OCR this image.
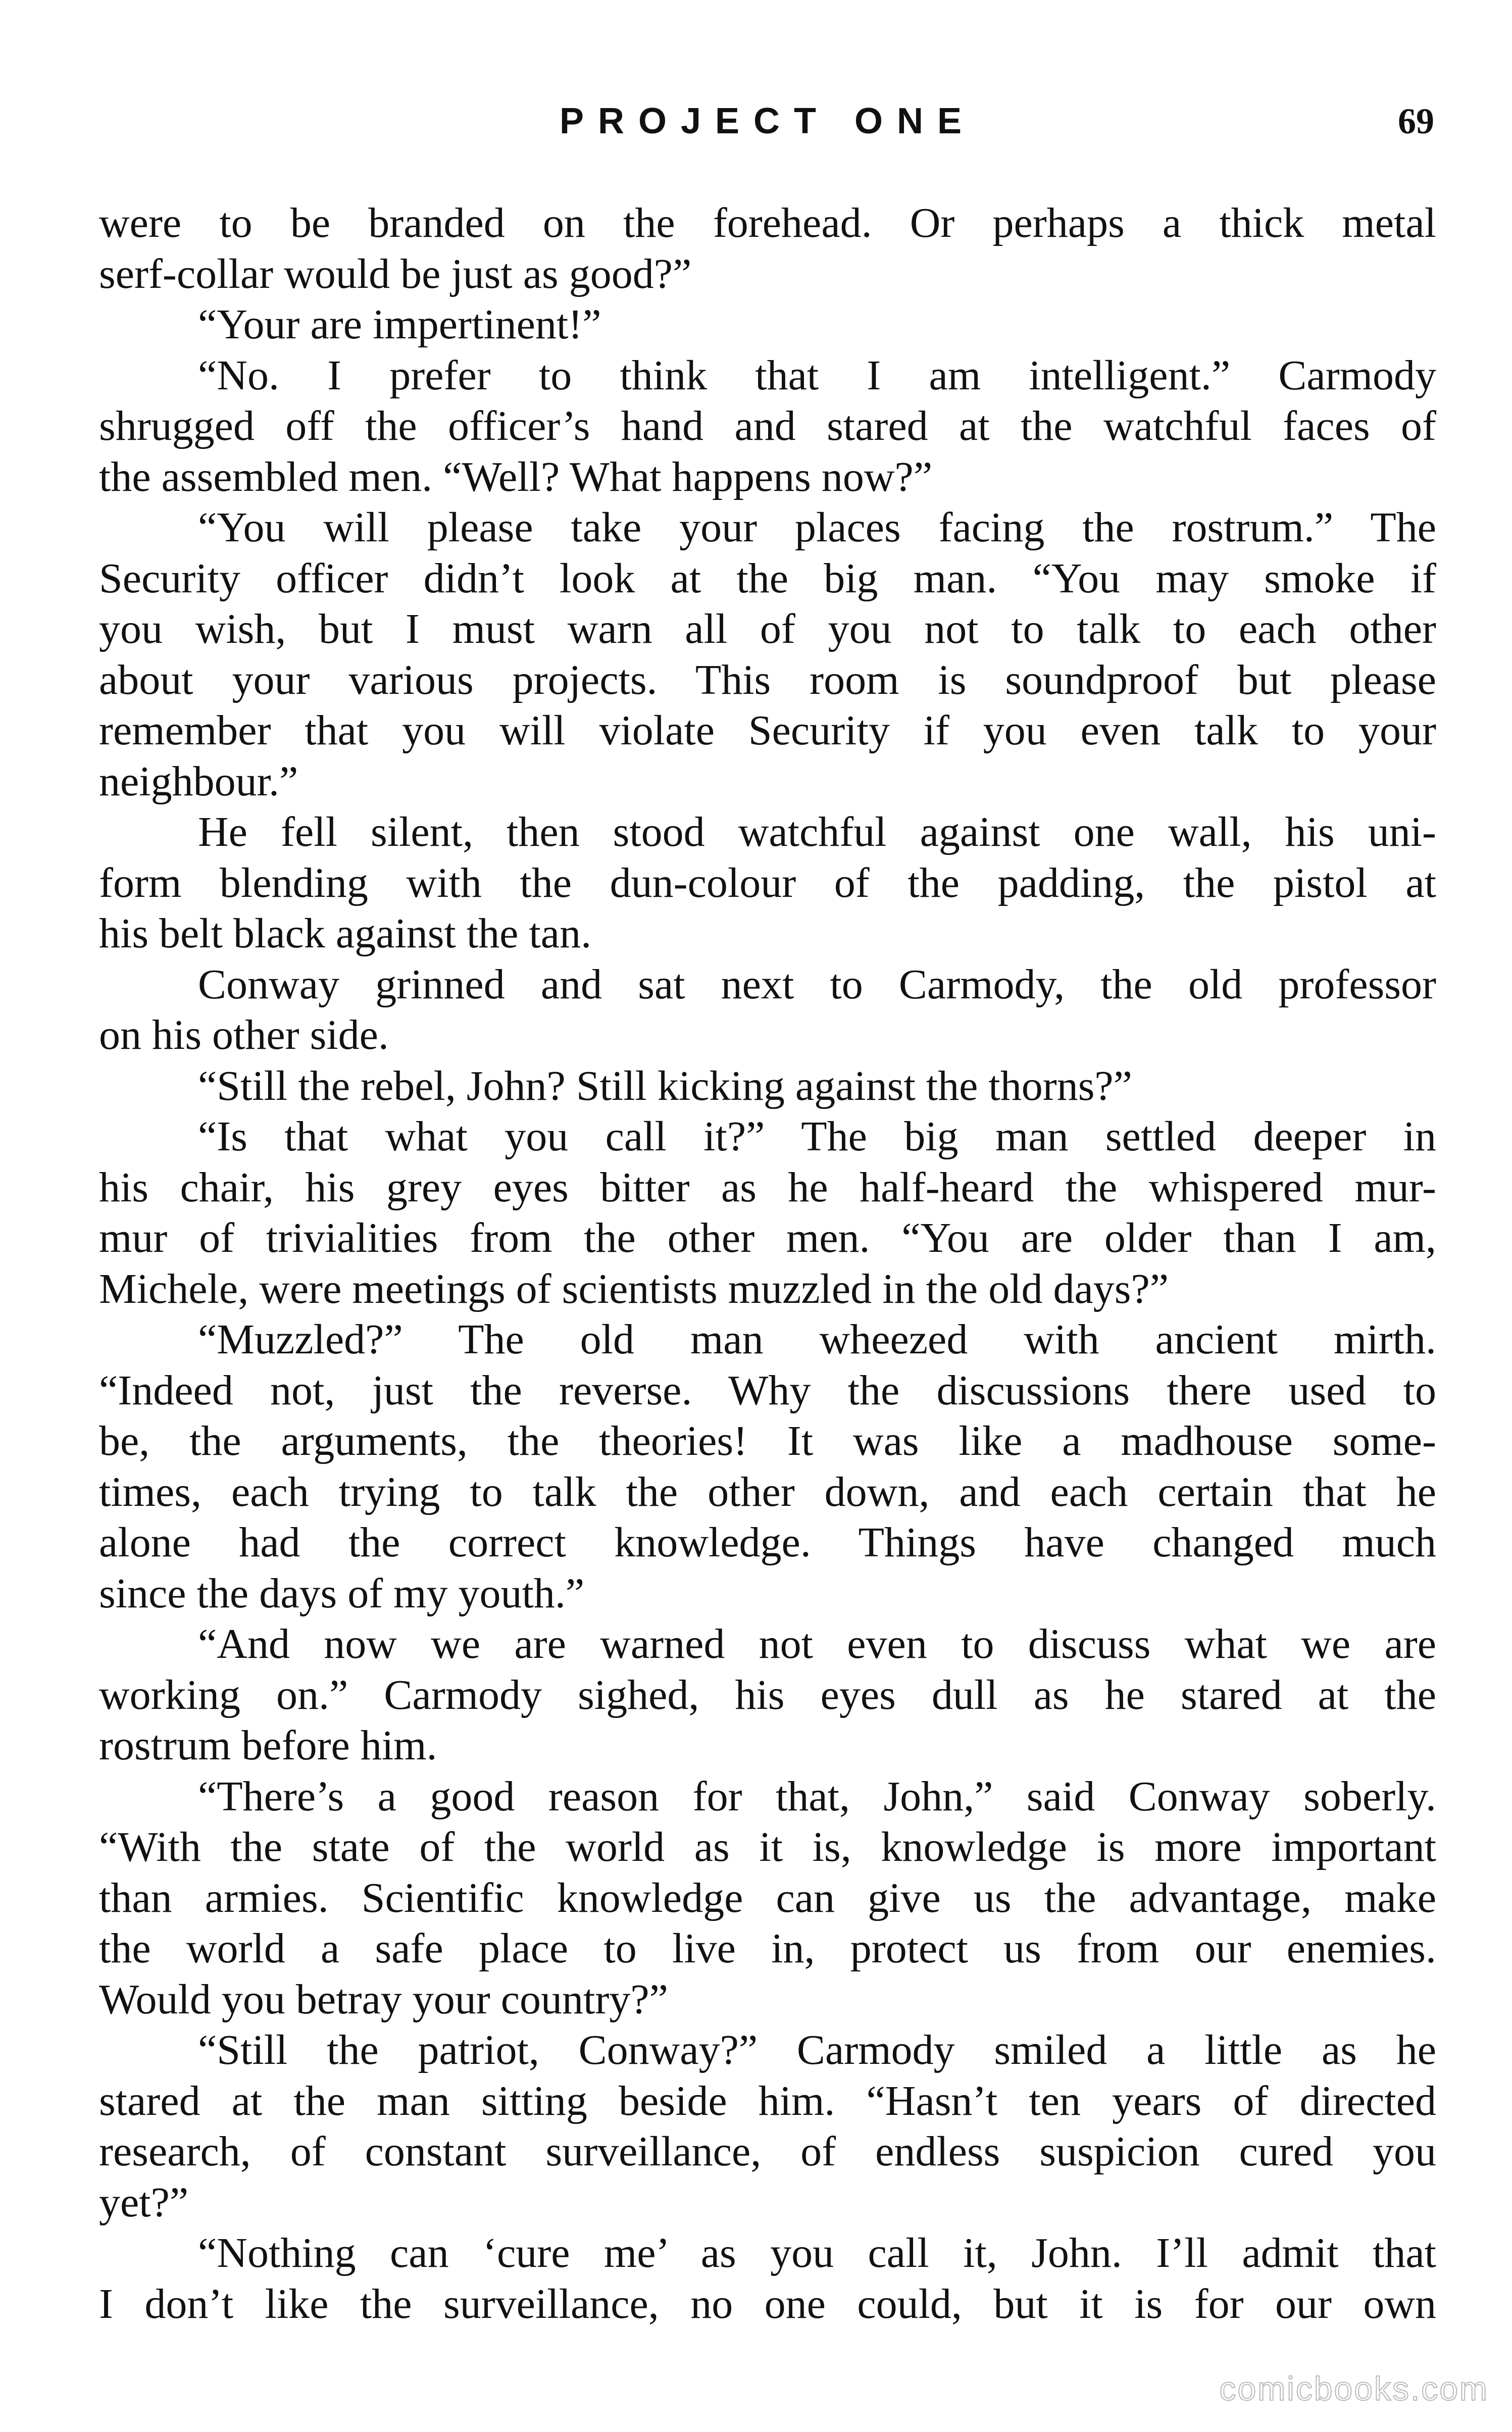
PROJECT ONE	69
were to be branded on the forehead. Or perhaps a thick metal
serf-collar would be just as good?”
“Your are impertinent!”
“No. I prefer to think that I am intelligent.” Carmody
shrugged off the officer’s hand and stared at the watchful faces of
the assembled men. “Well? What happens now?”
“You will please take your places facing the rostrum.” The
Security officer didn’t look at the big man. “You may smoke if
you wish, but I must warn all of you not to talk to each other
about your various projects. This room is soundproof but please
remember that you will violate Security if you even talk to your
neighbour.”
He fell silent, then stood watchful against one wall, his uni-
form blending with the dun-colour of the padding, the pistol at
his belt black against the tan.
Conway grinned and sat next to Carmody, the old professor
on his other side.
“Still the rebel, John? Still kicking against the thorns?”
“Is that what you call it?” The big man settled deeper in
his chair, his grey eyes bitter as he half-heard the whispered mur-
mur of trivialities from the other men. “You are older than I am,
Michele, were meetings of scientists muzzled in the old days?”
“Muzzled?” The old man wheezed with ancient mirth.
“Indeed not, just the reverse. Why the discussions there used to
be, the arguments, the theories! It was like a madhouse some-
times, each trying to talk the other down, and each certain that he
alone had the correct knowledge. Things have changed much
since the days of my youth.”
“And now we are warned not even to discuss what we are
working on.” Carmody sighed, his eyes dull as he stared at the
rostrum before him.
“There’s a good reason for that, John,” said Conway soberly.
“With the state of the world as it is, knowledge is more important
than armies. Scientific knowledge can give us the advantage, make
the world a safe place to live in, protect us from our enemies.
Would you betray your country?”
“Still the patriot, Conway?” Carmody smiled a little as he
stared at the man sitting beside him. “Hasn’t ten years of directed
research, of constant surveillance, of endless suspicion cured you
yet?”
“Nothing can ‘cure me’ as you call it, John. I’ll admit that
I don’t like the surveillance, no one could, but it is for our own
comicbooks.com
